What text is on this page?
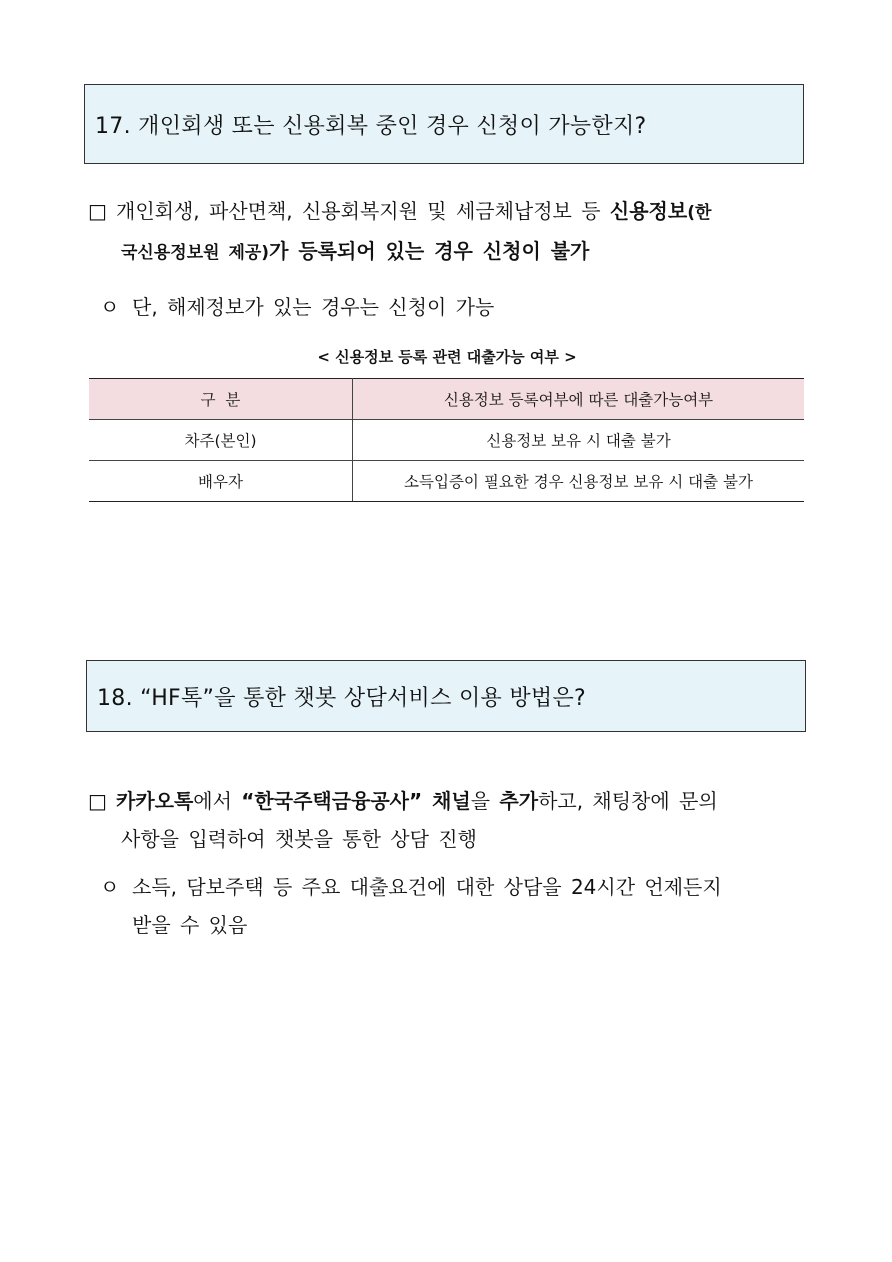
17. 개인회생 또는 신용회복 중인 경우 신청이 가능한지?
□ 개인회생, 파산면책, 신용회복지원 및 세금체납정보 등 신용정보(한
국신용정보원 제공)가 등록되어 있는 경우 신청이 불가
ㅇ 단, 해제정보가 있는 경우는 신청이 가능
< 신용정보 등록 관련 대출가능 여부 >
구  분	신용정보 등록여부에 따른 대출가능여부
차주(본인)	신용정보 보유 시 대출 불가
배우자	소득입증이 필요한 경우 신용정보 보유 시 대출 불가
18. “HF톡”을 통한 챗봇 상담서비스 이용 방법은?
□ 카카오톡에서 “한국주택금융공사” 채널을 추가하고, 채팅창에 문의
사항을 입력하여 챗봇을 통한 상담 진행
ㅇ 소득, 담보주택 등 주요 대출요건에 대한 상담을 24시간 언제든지
받을 수 있음
